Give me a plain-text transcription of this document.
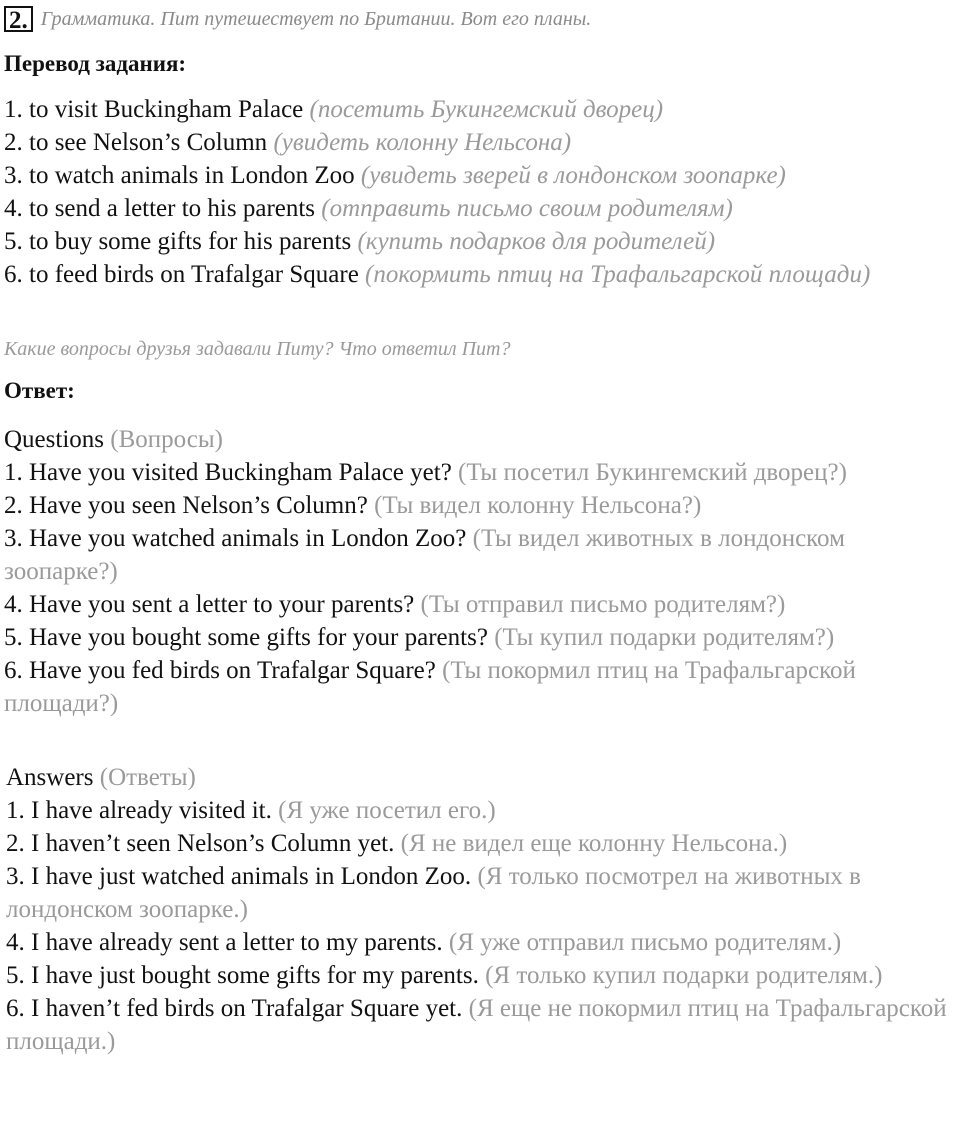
2. Грамматика. Пит путешествует по Британии. Вот его планы.
Перевод задания:
1. to visit Buckingham Palace (посетить Букингемский дворец)
2. to see Nelson’s Column (увидеть колонну Нельсона)
3. to watch animals in London Zoo (увидеть зверей в лондонском зоопарке)
4. to send a letter to his parents (отправить письмо своим родителям)
5. to buy some gifts for his parents (купить подарков для родителей)
6. to feed birds on Trafalgar Square (покормить птиц на Трафальгарской площади)
Какие вопросы друзья задавали Питу? Что ответил Пит?
Ответ:
Questions (Вопросы)
1. Have you visited Buckingham Palace yet? (Ты посетил Букингемский дворец?)
2. Have you seen Nelson’s Column? (Ты видел колонну Нельсона?)
3. Have you watched animals in London Zoo? (Ты видел животных в лондонском зоопарке?)
4. Have you sent a letter to your parents? (Ты отправил письмо родителям?)
5. Have you bought some gifts for your parents? (Ты купил подарки родителям?)
6. Have you fed birds on Trafalgar Square? (Ты покормил птиц на Трафальгарской площади?)
Answers (Ответы)
1. I have already visited it. (Я уже посетил его.)
2. I haven’t seen Nelson’s Column yet. (Я не видел еще колонну Нельсона.)
3. I have just watched animals in London Zoo. (Я только посмотрел на животных в лондонском зоопарке.)
4. I have already sent a letter to my parents. (Я уже отправил письмо родителям.)
5. I have just bought some gifts for my parents. (Я только купил подарки родителям.)
6. I haven’t fed birds on Trafalgar Square yet. (Я еще не покормил птиц на Трафальгарской площади.)
